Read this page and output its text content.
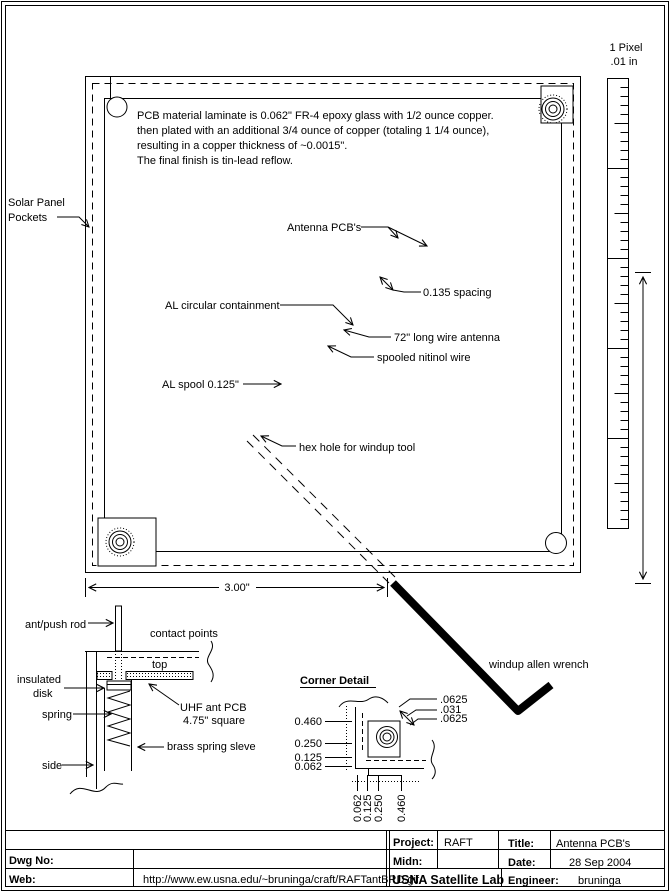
PCB material laminate is 0.062" FR-4 epoxy glass with 1/2 ounce copper.
then plated with an additional 3/4 ounce of copper (totaling 1 1/4 ounce),
resulting in a copper thickness of ~0.0015".
The final finish is tin-lead reflow.
Solar Panel
Pockets
Antenna PCB's
0.135 spacing
AL circular containment
72" long wire antenna
spooled nitinol wire
AL spool 0.125"
hex hole for windup tool
3.00"
windup allen wrench
1 Pixel
.01 in
ant/push rod
contact points
top
insulated
disk
spring
UHF ant PCB
4.75" square
brass spring sleve
side
Corner Detail
0.460
0.250
0.125
0.062
.0625
.031
.0625
0.062
0.125 0.250 0.460
Dwg No:
Web:	http://www.ew.usna.edu/~bruninga/craft/RAFTantBRD.gif
Project: RAFT	Title: Antenna PCB's
Midn:	Date:	28 Sep 2004
USNA Satellite Lab Engineer: bruninga
